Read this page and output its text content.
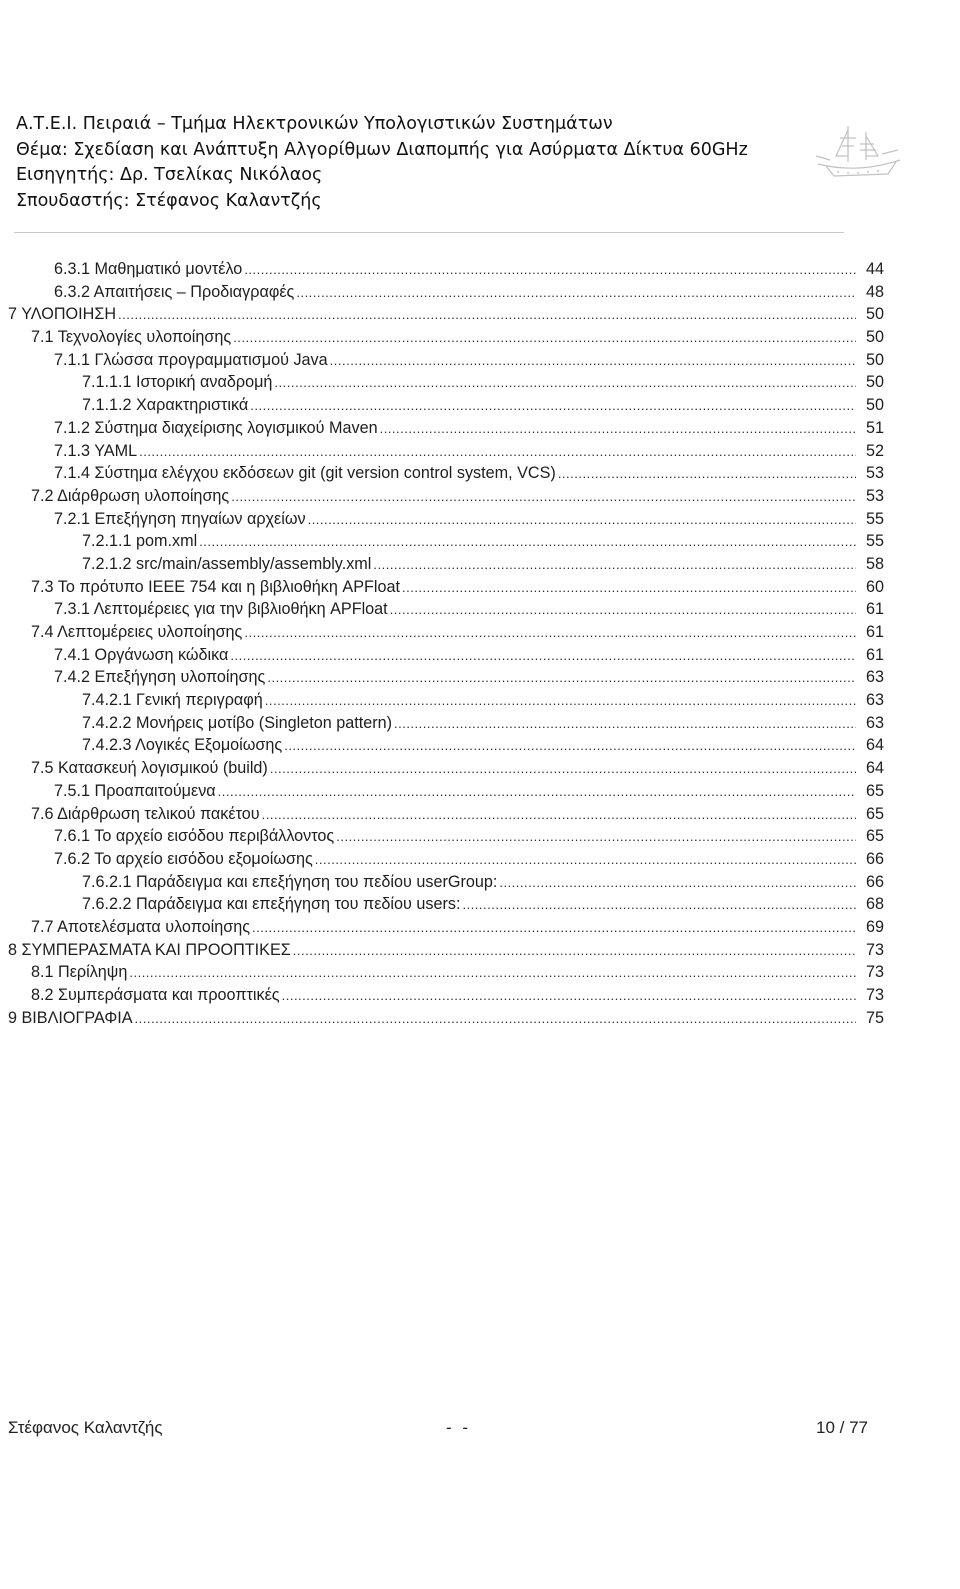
Α.Τ.Ε.Ι. Πειραιά – Τμήμα Ηλεκτρονικών Υπολογιστικών Συστημάτων
Θέμα: Σχεδίαση και Ανάπτυξη Αλγορίθμων Διαπομπής για Ασύρματα Δίκτυα 60GHz
Εισηγητής: Δρ. Τσελίκας Νικόλαος
Σπουδαστής: Στέφανος Καλαντζής
6.3.1 Μαθηματικό μοντέλο .....	44
6.3.2 Απαιτήσεις – Προδιαγραφές .....	48
7 ΥΛΟΠΟΙΗΣΗ .....	50
7.1 Τεχνολογίες υλοποίησης .....	50
7.1.1 Γλώσσα προγραμματισμού Java .....	50
7.1.1.1 Ιστορική αναδρομή .....	50
7.1.1.2 Χαρακτηριστικά .....	50
7.1.2 Σύστημα διαχείρισης λογισμικού Maven .....	51
7.1.3 YAML .....	52
7.1.4 Σύστημα ελέγχου εκδόσεων git (git version control system, VCS) .....	53
7.2 Διάρθρωση υλοποίησης .....	53
7.2.1 Επεξήγηση πηγαίων αρχείων .....	55
7.2.1.1 pom.xml .....	55
7.2.1.2 src/main/assembly/assembly.xml .....	58
7.3 Το πρότυπο IEEE 754 και η βιβλιοθήκη APFloat .....	60
7.3.1 Λεπτομέρειες για την βιβλιοθήκη APFloat .....	61
7.4 Λεπτομέρειες υλοποίησης .....	61
7.4.1 Οργάνωση κώδικα .....	61
7.4.2 Επεξήγηση υλοποίησης .....	63
7.4.2.1 Γενική περιγραφή .....	63
7.4.2.2 Μονήρεις μοτίβο (Singleton pattern) .....	63
7.4.2.3 Λογικές Εξομοίωσης .....	64
7.5 Κατασκευή λογισμικού (build) .....	64
7.5.1 Προαπαιτούμενα .....	65
7.6 Διάρθρωση τελικού πακέτου .....	65
7.6.1 Το αρχείο εισόδου περιβάλλοντος .....	65
7.6.2 Το αρχείο εισόδου εξομοίωσης .....	66
7.6.2.1 Παράδειγμα και επεξήγηση του πεδίου userGroup: .....	66
7.6.2.2 Παράδειγμα και επεξήγηση του πεδίου users: .....	68
7.7 Αποτελέσματα υλοποίησης .....	69
8 ΣΥΜΠΕΡΑΣΜΑΤΑ ΚΑΙ ΠΡΟΟΠΤΙΚΕΣ .....	73
8.1 Περίληψη .....	73
8.2 Συμπεράσματα και προοπτικές .....	73
9 ΒΙΒΛΙΟΓΡΑΦΙΑ .....	75
Στέφανος Καλαντζής	- -	10 / 77
